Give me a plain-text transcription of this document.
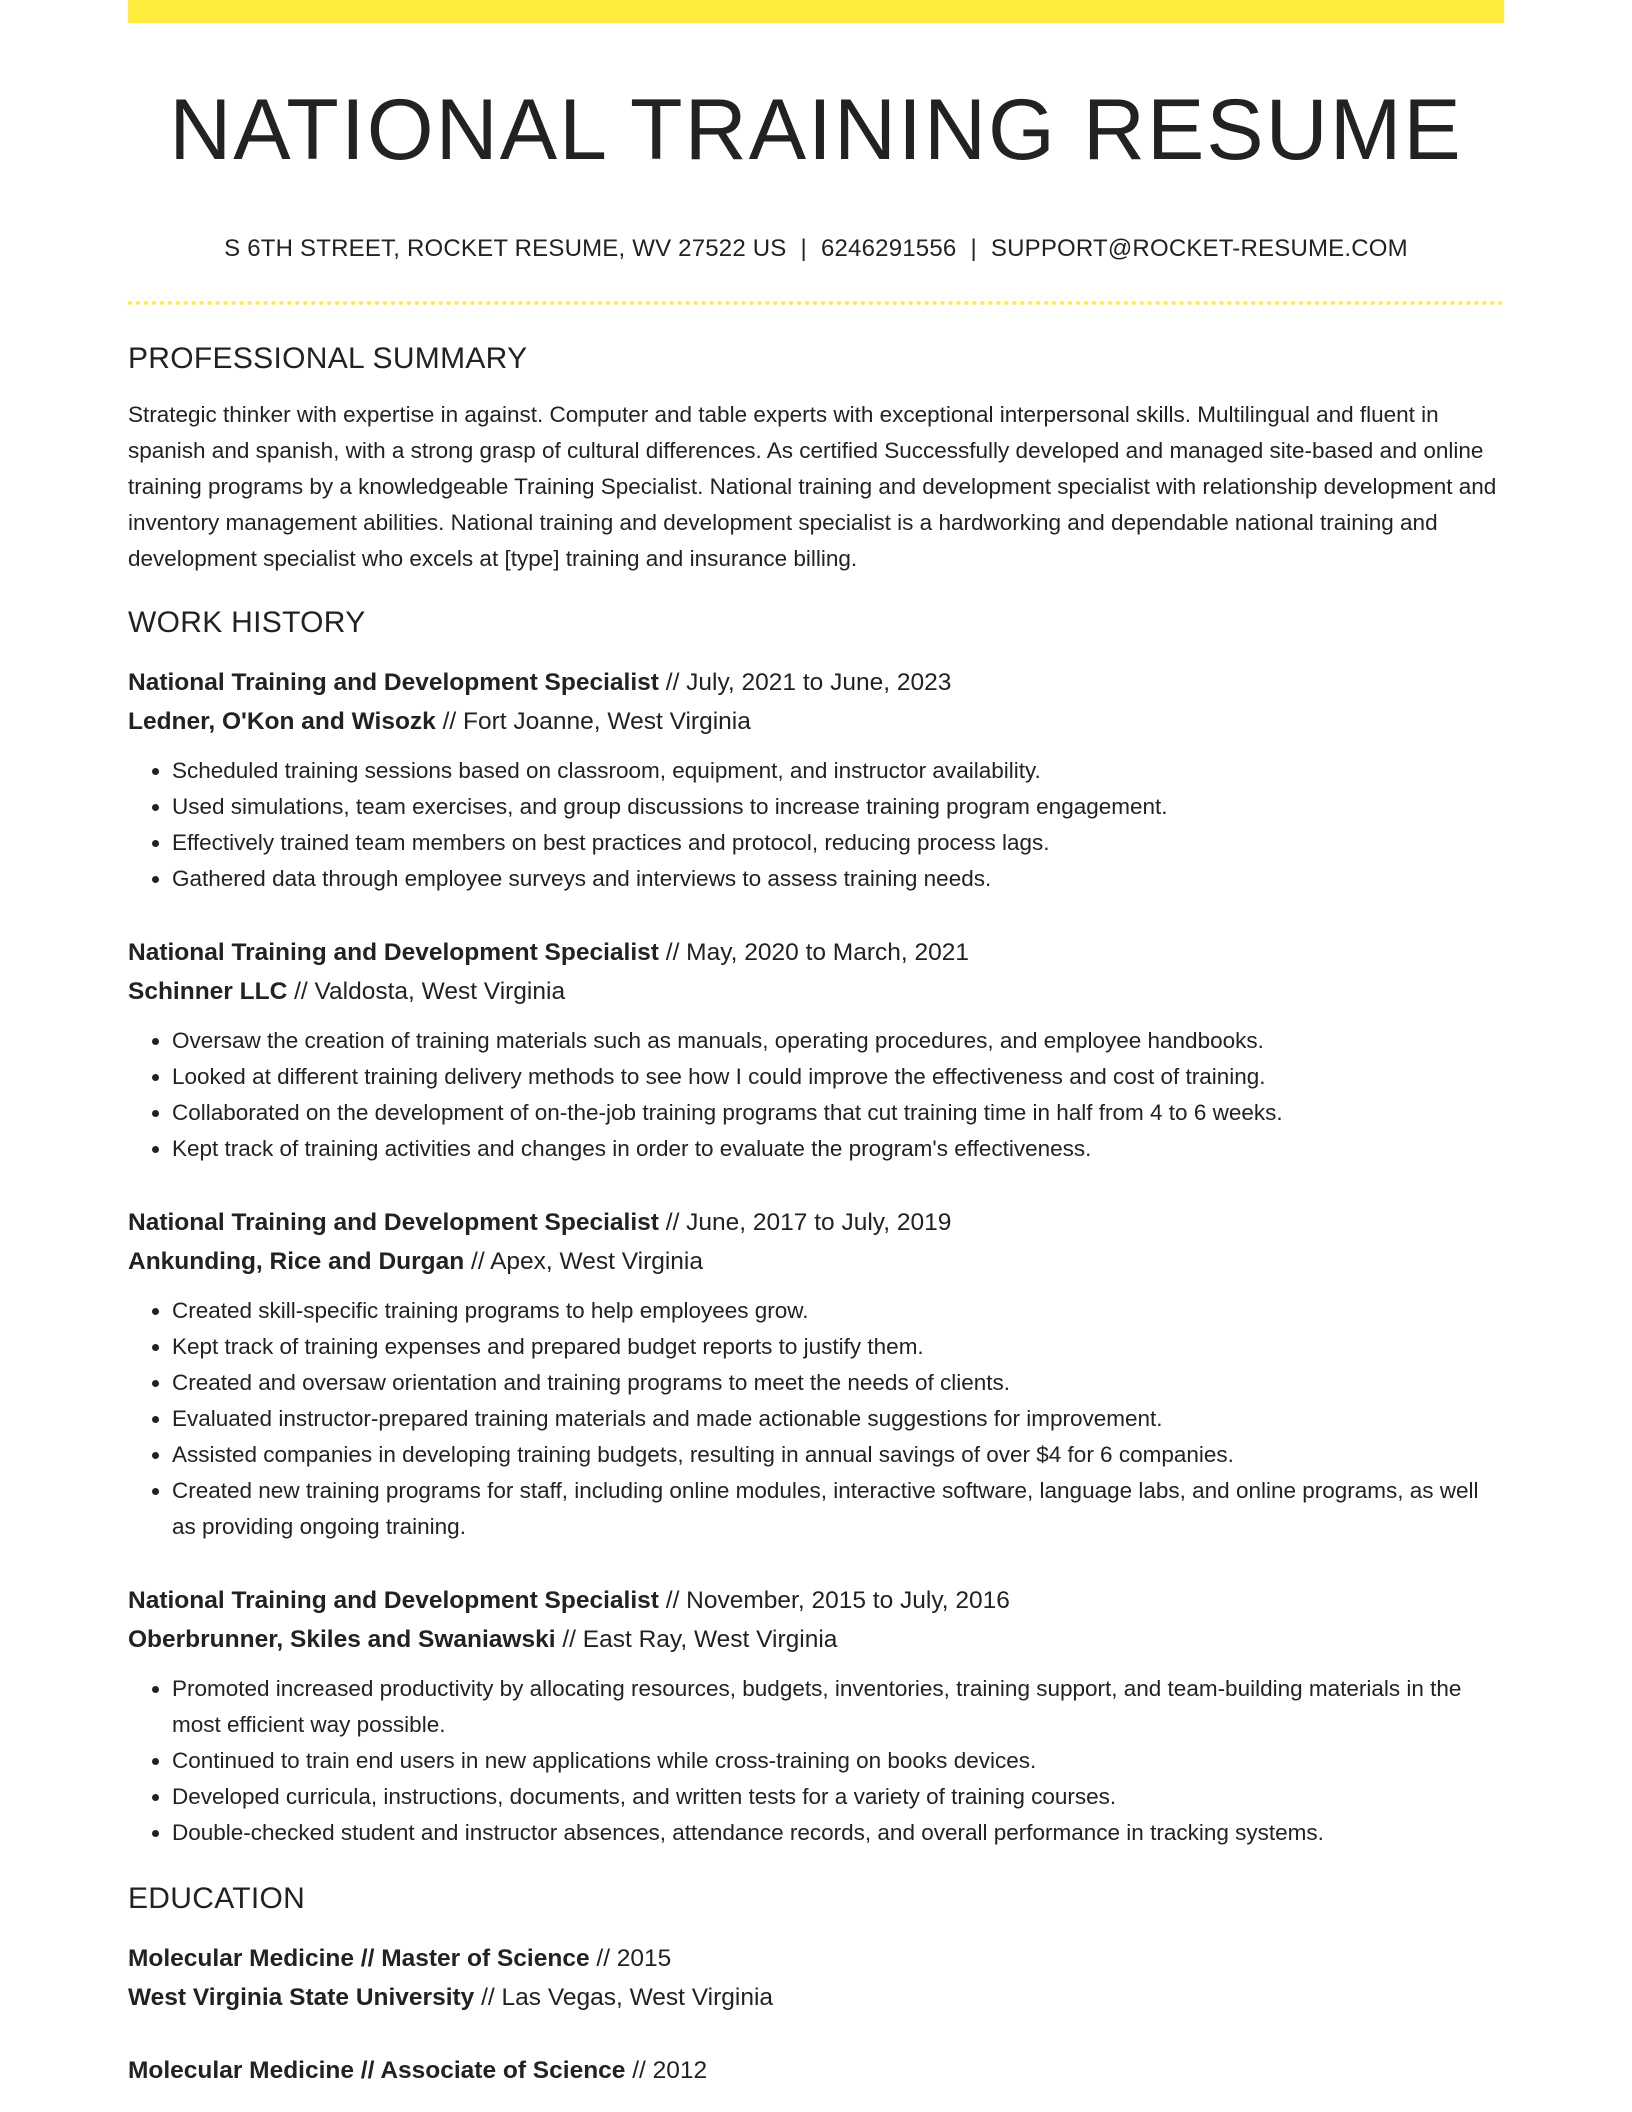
NATIONAL TRAINING RESUME
S 6TH STREET, ROCKET RESUME, WV 27522 US | 6246291556 | SUPPORT@ROCKET-RESUME.COM
PROFESSIONAL SUMMARY

Strategic thinker with expertise in against. Computer and table experts with exceptional interpersonal skills. Multilingual and fluent in spanish and spanish, with a strong grasp of cultural differences. As certified Successfully developed and managed site-based and online training programs by a knowledgeable Training Specialist. National training and development specialist with relationship development and inventory management abilities. National training and development specialist is a hardworking and dependable national training and development specialist who excels at [type] training and insurance billing.

WORK HISTORY
National Training and Development Specialist // July, 2021 to June, 2023
Ledner, O'Kon and Wisozk // Fort Joanne, West Virginia
• Scheduled training sessions based on classroom, equipment, and instructor availability.
• Used simulations, team exercises, and group discussions to increase training program engagement.
• Effectively trained team members on best practices and protocol, reducing process lags.
• Gathered data through employee surveys and interviews to assess training needs.
National Training and Development Specialist // May, 2020 to March, 2021
Schinner LLC // Valdosta, West Virginia
• Oversaw the creation of training materials such as manuals, operating procedures, and employee handbooks.
• Looked at different training delivery methods to see how I could improve the effectiveness and cost of training.
• Collaborated on the development of on-the-job training programs that cut training time in half from 4 to 6 weeks.
• Kept track of training activities and changes in order to evaluate the program's effectiveness.
National Training and Development Specialist // June, 2017 to July, 2019
Ankunding, Rice and Durgan // Apex, West Virginia
• Created skill-specific training programs to help employees grow.
• Kept track of training expenses and prepared budget reports to justify them.
• Created and oversaw orientation and training programs to meet the needs of clients.
• Evaluated instructor-prepared training materials and made actionable suggestions for improvement.
• Assisted companies in developing training budgets, resulting in annual savings of over $4 for 6 companies.
• Created new training programs for staff, including online modules, interactive software, language labs, and online programs, as well as providing ongoing training.
National Training and Development Specialist // November, 2015 to July, 2016
Oberbrunner, Skiles and Swaniawski // East Ray, West Virginia
• Promoted increased productivity by allocating resources, budgets, inventories, training support, and team-building materials in the most efficient way possible.
• Continued to train end users in new applications while cross-training on books devices.
• Developed curricula, instructions, documents, and written tests for a variety of training courses.
• Double-checked student and instructor absences, attendance records, and overall performance in tracking systems.
EDUCATION
Molecular Medicine // Master of Science // 2015
West Virginia State University // Las Vegas, West Virginia
Molecular Medicine // Associate of Science // 2012
